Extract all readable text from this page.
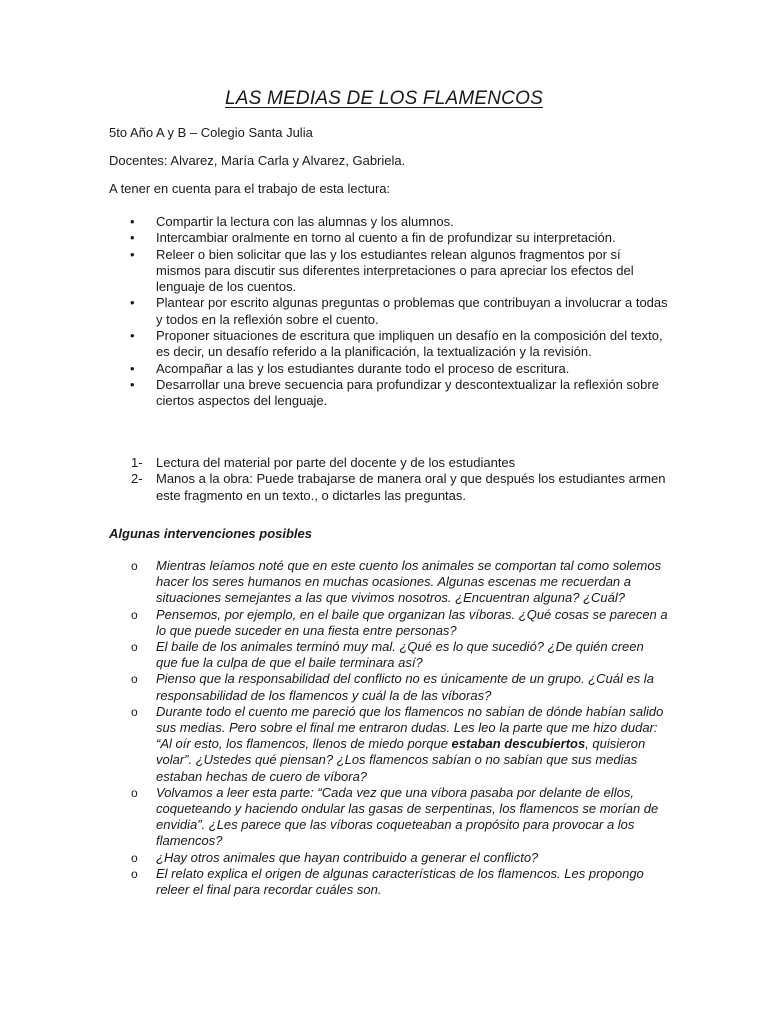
LAS MEDIAS DE LOS FLAMENCOS

5to Año A y B – Colegio Santa Julia

Docentes: Alvarez, María Carla y Alvarez, Gabriela.

A tener en cuenta para el trabajo de esta lectura:

• Compartir la lectura con las alumnas y los alumnos.
• Intercambiar oralmente en torno al cuento a fin de profundizar su interpretación.
• Releer o bien solicitar que las y los estudiantes relean algunos fragmentos por sí mismos para discutir sus diferentes interpretaciones o para apreciar los efectos del lenguaje de los cuentos.
• Plantear por escrito algunas preguntas o problemas que contribuyan a involucrar a todas y todos en la reflexión sobre el cuento.
• Proponer situaciones de escritura que impliquen un desafío en la composición del texto, es decir, un desafío referido a la planificación, la textualización y la revisión.
• Acompañar a las y los estudiantes durante todo el proceso de escritura.
• Desarrollar una breve secuencia para profundizar y descontextualizar la reflexión sobre ciertos aspectos del lenguaje.
1- Lectura del material por parte del docente y de los estudiantes
2- Manos a la obra: Puede trabajarse de manera oral y que después los estudiantes armen este fragmento en un texto., o dictarles las preguntas.

Algunas intervenciones posibles

o Mientras leíamos noté que en este cuento los animales se comportan tal como solemos hacer los seres humanos en muchas ocasiones. Algunas escenas me recuerdan a situaciones semejantes a las que vivimos nosotros. ¿Encuentran alguna? ¿Cuál?
o Pensemos, por ejemplo, en el baile que organizan las víboras. ¿Qué cosas se parecen a lo que puede suceder en una fiesta entre personas?
o El baile de los animales terminó muy mal. ¿Qué es lo que sucedió? ¿De quién creen que fue la culpa de que el baile terminara así?
o Pienso que la responsabilidad del conflicto no es únicamente de un grupo. ¿Cuál es la responsabilidad de los flamencos y cuál la de las víboras?
o Durante todo el cuento me pareció que los flamencos no sabían de dónde habían salido sus medias. Pero sobre el final me entraron dudas. Les leo la parte que me hizo dudar: “Al oír esto, los flamencos, llenos de miedo porque estaban descubiertos, quisieron volar”. ¿Ustedes qué piensan? ¿Los flamencos sabían o no sabían que sus medias estaban hechas de cuero de víbora?
o Volvamos a leer esta parte: “Cada vez que una víbora pasaba por delante de ellos, coqueteando y haciendo ondular las gasas de serpentinas, los flamencos se morían de envidia”. ¿Les parece que las víboras coqueteaban a propósito para provocar a los flamencos?
o ¿Hay otros animales que hayan contribuido a generar el conflicto?
o El relato explica el origen de algunas características de los flamencos. Les propongo releer el final para recordar cuáles son.
